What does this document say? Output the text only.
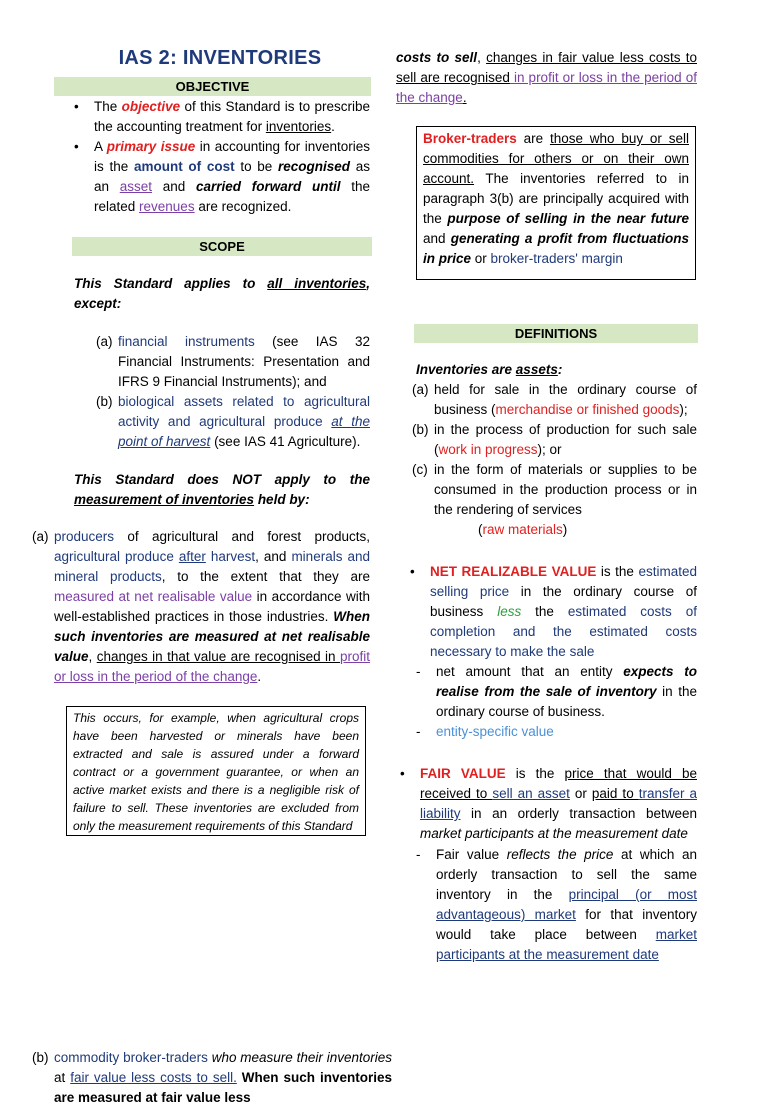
IAS 2: INVENTORIES
OBJECTIVE
• The objective of this Standard is to prescribe the accounting treatment for inventories.
• A primary issue in accounting for inventories is the amount of cost to be recognised as an asset and carried forward until the related revenues are recognized.
SCOPE
This Standard applies to all inventories, except:
(a) financial instruments (see IAS 32 Financial Instruments: Presentation and IFRS 9 Financial Instruments); and
(b) biological assets related to agricultural activity and agricultural produce at the point of harvest (see IAS 41 Agriculture).
This Standard does NOT apply to the measurement of inventories held by:
(a) producers of agricultural and forest products, agricultural produce after harvest, and minerals and mineral products, to the extent that they are measured at net realisable value in accordance with well-established practices in those industries. When such inventories are measured at net realisable value, changes in that value are recognised in profit or loss in the period of the change.
This occurs, for example, when agricultural crops have been harvested or minerals have been extracted and sale is assured under a forward contract or a government guarantee, or when an active market exists and there is a negligible risk of failure to sell. These inventories are excluded from only the measurement requirements of this Standard
(b) commodity broker-traders who measure their inventories at fair value less costs to sell. When such inventories are measured at fair value less
costs to sell, changes in fair value less costs to sell are recognised in profit or loss in the period of the change.
Broker-traders are those who buy or sell commodities for others or on their own account. The inventories referred to in paragraph 3(b) are principally acquired with the purpose of selling in the near future and generating a profit from fluctuations in price or broker-traders' margin
DEFINITIONS
Inventories are assets:
(a) held for sale in the ordinary course of business (merchandise or finished goods);
(b) in the process of production for such sale (work in progress); or
(c) in the form of materials or supplies to be consumed in the production process or in the rendering of services
(raw materials)
• NET REALIZABLE VALUE is the estimated selling price in the ordinary course of business less the estimated costs of completion and the estimated costs necessary to make the sale
- net amount that an entity expects to realise from the sale of inventory in the ordinary course of business.
- entity-specific value
• FAIR VALUE is the price that would be received to sell an asset or paid to transfer a liability in an orderly transaction between market participants at the measurement date
- Fair value reflects the price at which an orderly transaction to sell the same inventory in the principal (or most advantageous) market for that inventory would take place between market participants at the measurement date
